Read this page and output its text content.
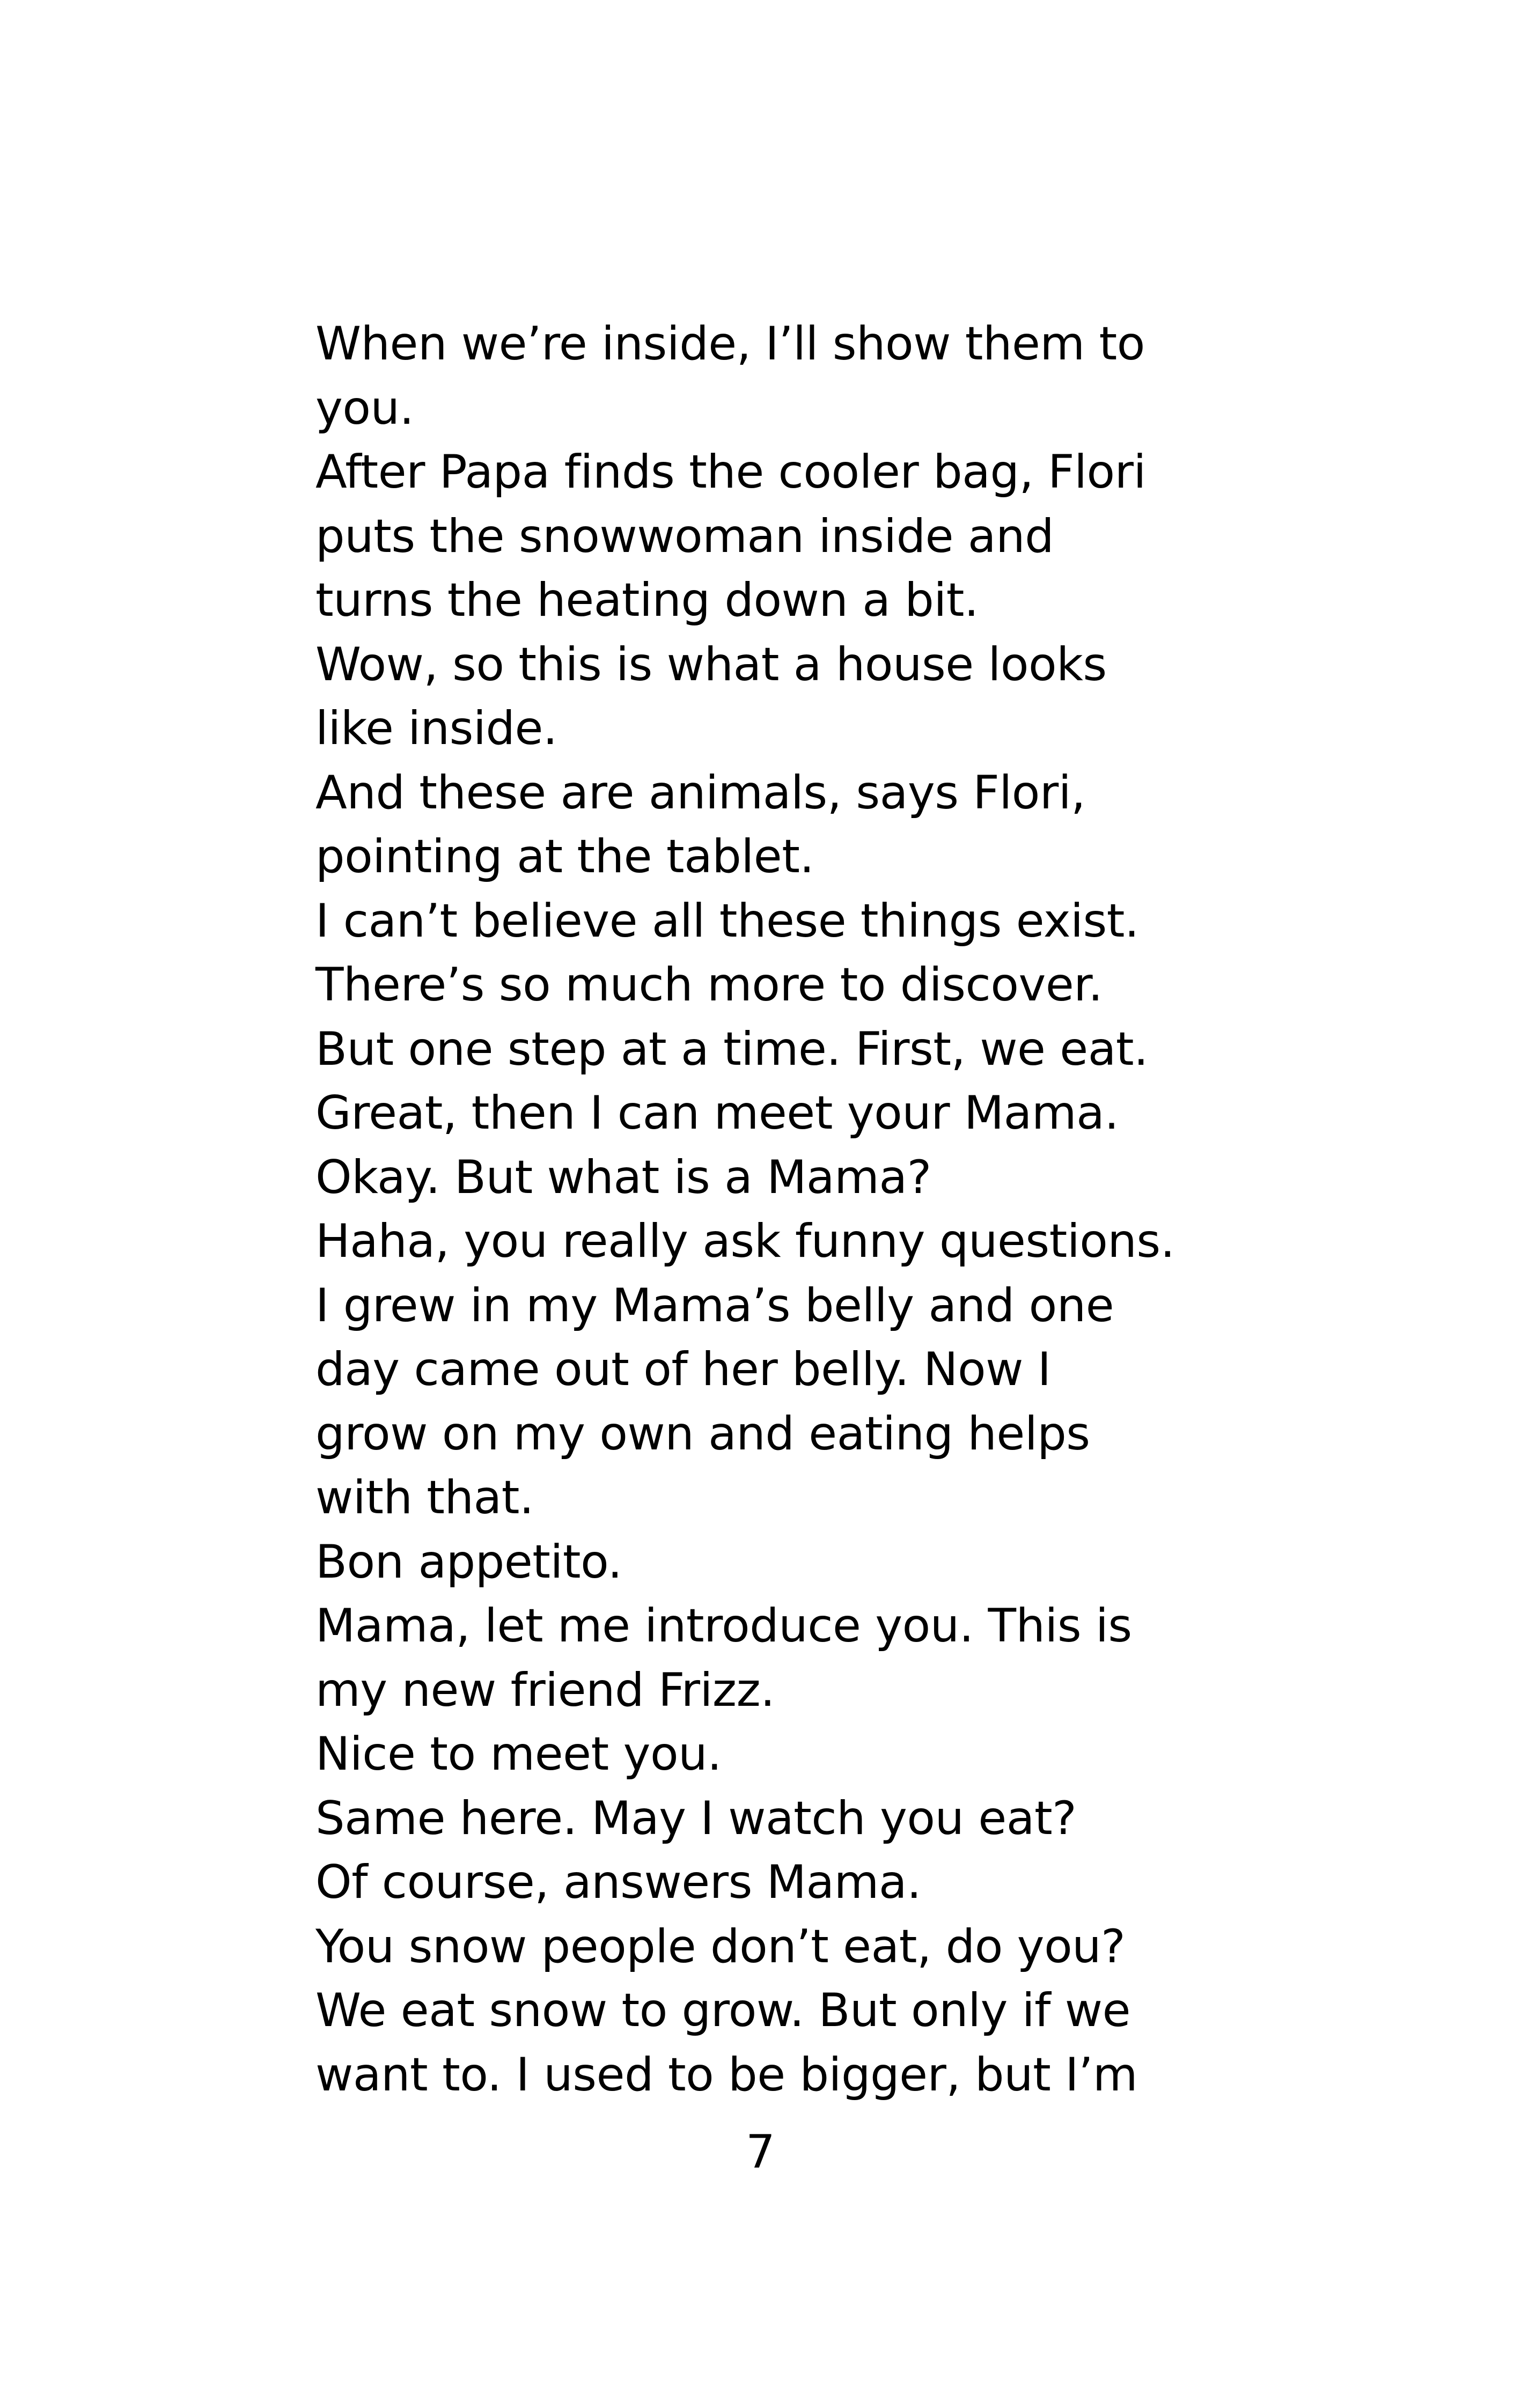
When we’re inside, I’ll show them to
you.
After Papa finds the cooler bag, Flori
puts the snowwoman inside and
turns the heating down a bit.
Wow, so this is what a house looks
like inside.
And these are animals, says Flori,
pointing at the tablet.
I can’t believe all these things exist.
There’s so much more to discover.
But one step at a time. First, we eat.
Great, then I can meet your Mama.
Okay. But what is a Mama?
Haha, you really ask funny questions.
I grew in my Mama’s belly and one
day came out of her belly. Now I
grow on my own and eating helps
with that.
Bon appetito.
Mama, let me introduce you. This is
my new friend Frizz.
Nice to meet you.
Same here. May I watch you eat?
Of course, answers Mama.
You snow people don’t eat, do you?
We eat snow to grow. But only if we
want to. I used to be bigger, but I’m
7
